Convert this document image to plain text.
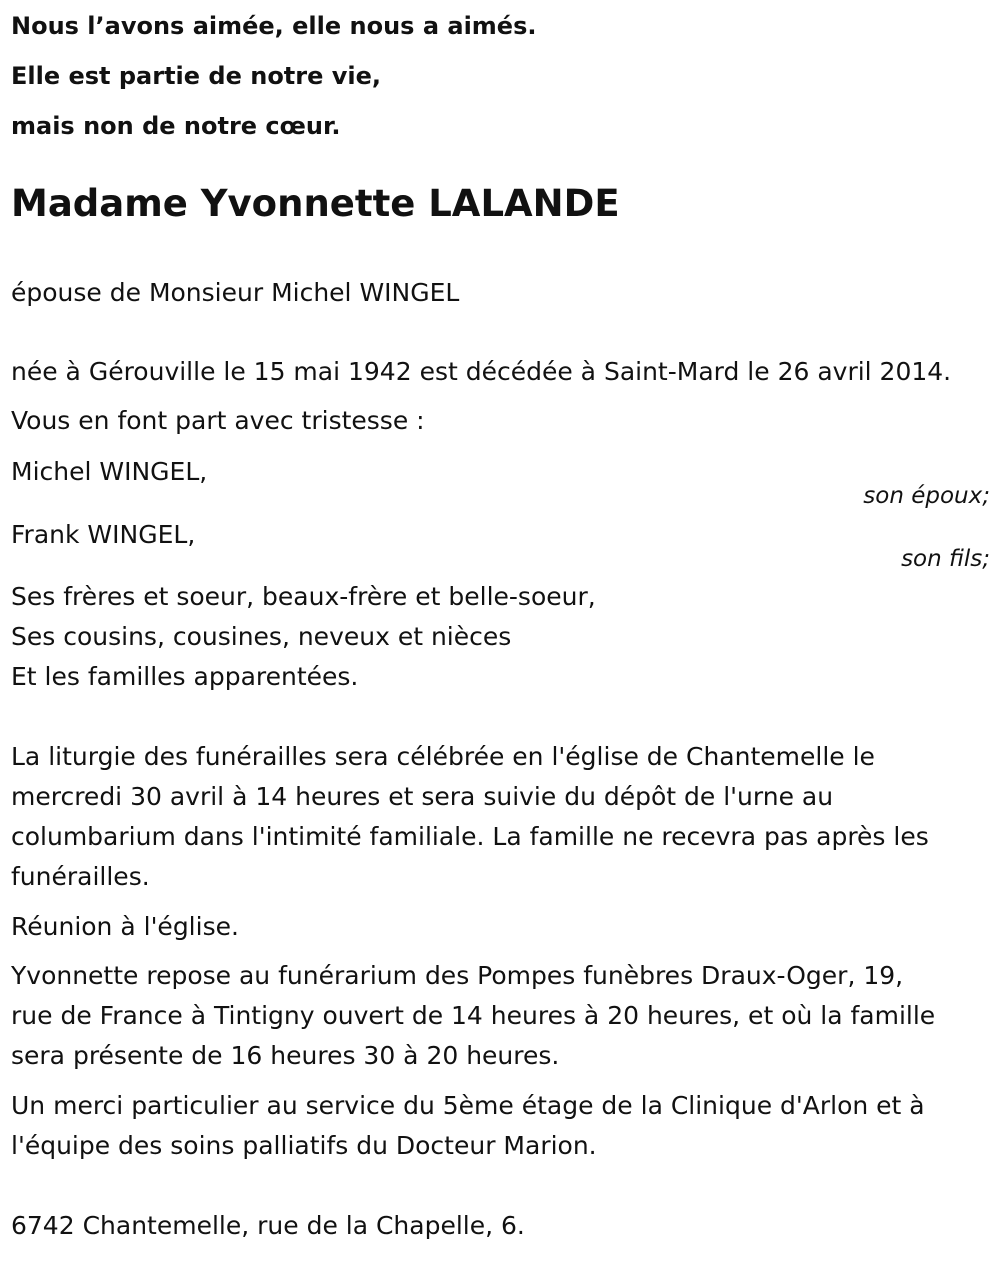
Nous l’avons aimée, elle nous a aimés.
Elle est partie de notre vie,
mais non de notre cœur.
Madame Yvonnette LALANDE
épouse de Monsieur Michel WINGEL
née à Gérouville le 15 mai 1942 est décédée à Saint-Mard le 26 avril 2014.
Vous en font part avec tristesse :
Michel WINGEL,
son époux;
Frank WINGEL,
son fils;
Ses frères et soeur, beaux-frère et belle-soeur,
Ses cousins, cousines, neveux et nièces
Et les familles apparentées.
La liturgie des funérailles sera célébrée en l'église de Chantemelle le
mercredi 30 avril à 14 heures et sera suivie du dépôt de l'urne au
columbarium dans l'intimité familiale. La famille ne recevra pas après les
funérailles.
Réunion à l'église.
Yvonnette repose au funérarium des Pompes funèbres Draux-Oger, 19,
rue de France à Tintigny ouvert de 14 heures à 20 heures, et où la famille
sera présente de 16 heures 30 à 20 heures.
Un merci particulier au service du 5ème étage de la Clinique d'Arlon et à
l'équipe des soins palliatifs du Docteur Marion.
6742 Chantemelle, rue de la Chapelle, 6.
